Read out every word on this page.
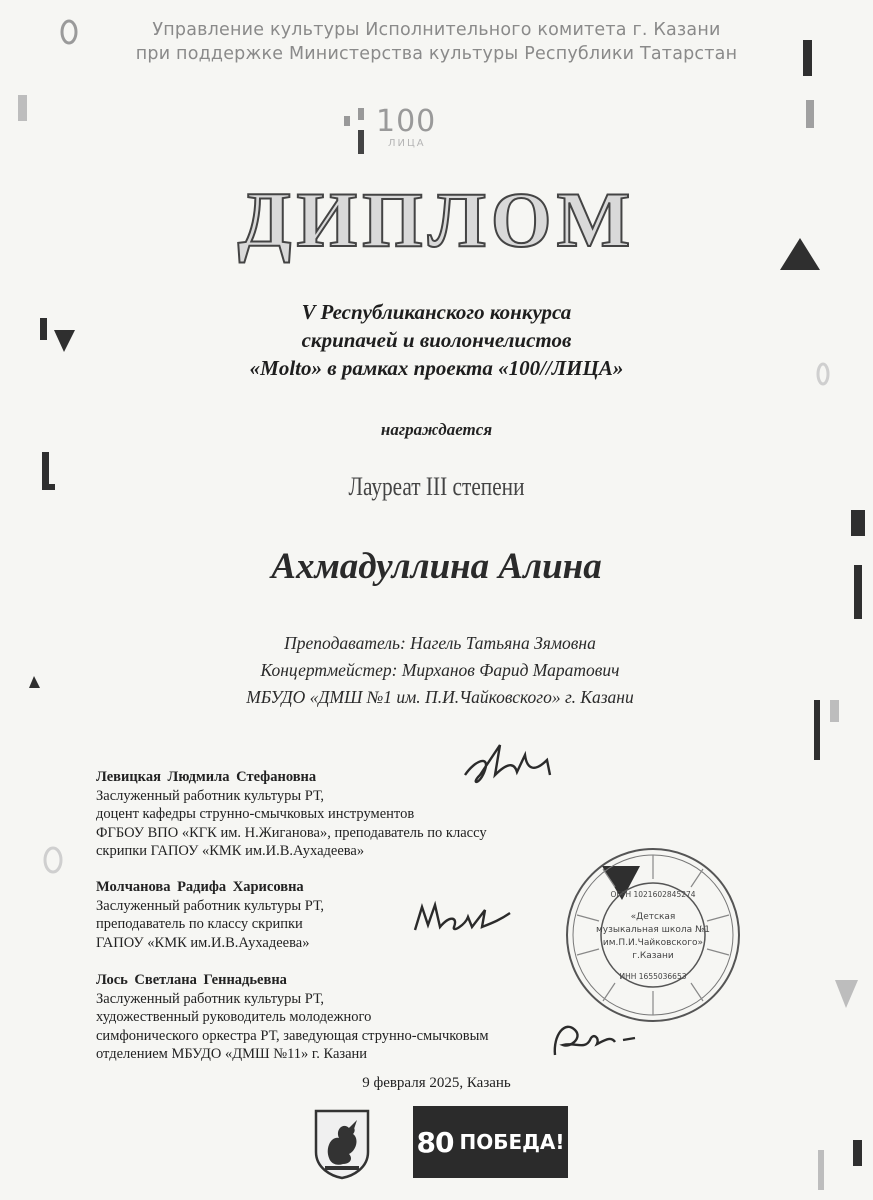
Управление культуры Исполнительного комитета г. Казани
при поддержке Министерства культуры Республики Татарстан
100
ЛИЦА
ДИПЛОМ
V Республиканского конкурса
скрипачей и виолончелистов
«Molto» в рамках проекта «100//ЛИЦА»
награждается
Лауреат III степени
Ахмадуллина Алина
Преподаватель: Нагель Татьяна Зямовна
Концертмейстер: Мирханов Фарид Маратович
МБУДО «ДМШ №1 им. П.И.Чайковского» г. Казани
Левицкая Людмила Стефановна
Заслуженный работник культуры РТ,
доцент кафедры струнно-смычковых инструментов
ФГБОУ ВПО «КГК им. Н.Жиганова», преподаватель по классу
скрипки ГАПОУ «КМК им.И.В.Аухадеева»
Молчанова Радифа Харисовна
Заслуженный работник культуры РТ,
преподаватель по классу скрипки
ГАПОУ «КМК им.И.В.Аухадеева»
Лось Светлана Геннадьевна
Заслуженный работник культуры РТ,
художественный руководитель молодежного
симфонического оркестра РТ, заведующая струнно-смычковым
отделением МБУДО «ДМШ №11» г. Казани
«Детская
музыкальная школа №1
им.П.И.Чайковского»
г.Казани
ОГРН 1021602845274
ИНН 1655036653
9 февраля 2025, Казань
80 ПОБЕДА!
